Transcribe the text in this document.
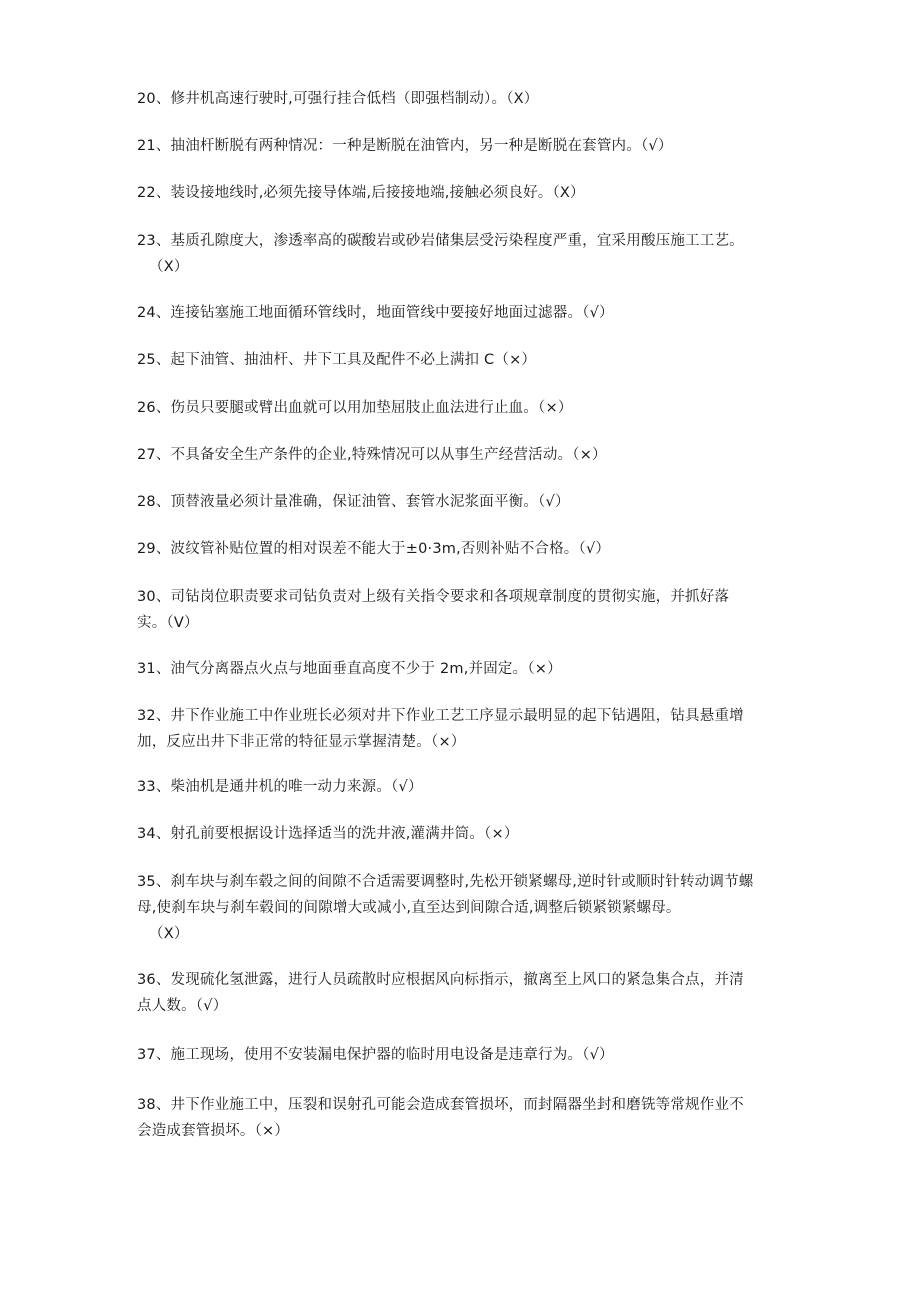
20、修井机高速行驶时,可强行挂合低档（即强档制动）。（X）
21、抽油杆断脱有两种情况：一种是断脱在油管内，另一种是断脱在套管内。（√）
22、装设接地线时,必须先接导体端,后接接地端,接触必须良好。（X）
23、基质孔隙度大，渗透率高的碳酸岩或砂岩储集层受污染程度严重，宜采用酸压施工工艺。
（X）
24、连接钻塞施工地面循环管线时，地面管线中要接好地面过滤器。（√）
25、起下油管、抽油杆、井下工具及配件不必上满扣 C（×）
26、伤员只要腿或臂出血就可以用加垫屈肢止血法进行止血。（×）
27、不具备安全生产条件的企业,特殊情况可以从事生产经营活动。（×）
28、顶替液量必须计量准确，保证油管、套管水泥浆面平衡。（√）
29、波纹管补贴位置的相对误差不能大于±0·3m,否则补贴不合格。（√）
30、司钻岗位职责要求司钻负责对上级有关指令要求和各项规章制度的贯彻实施，并抓好落
实。（V）
31、油气分离器点火点与地面垂直高度不少于 2m,并固定。（×）
32、井下作业施工中作业班长必须对井下作业工艺工序显示最明显的起下钻遇阻，钻具悬重增
加，反应出井下非正常的特征显示掌握清楚。（×）
33、柴油机是通井机的唯一动力来源。（√）
34、射孔前要根据设计选择适当的洗井液,灌满井筒。（×）
35、刹车块与刹车毂之间的间隙不合适需要调整时,先松开锁紧螺母,逆时针或顺时针转动调节螺
母,使刹车块与刹车毂间的间隙增大或减小,直至达到间隙合适,调整后锁紧锁紧螺母。
（X）
36、发现硫化氢泄露，进行人员疏散时应根据风向标指示，撤离至上风口的紧急集合点，并清
点人数。（√）
37、施工现场，使用不安装漏电保护器的临时用电设备是违章行为。（√）
38、井下作业施工中，压裂和误射孔可能会造成套管损坏，而封隔器坐封和磨铣等常规作业不
会造成套管损坏。（×）
